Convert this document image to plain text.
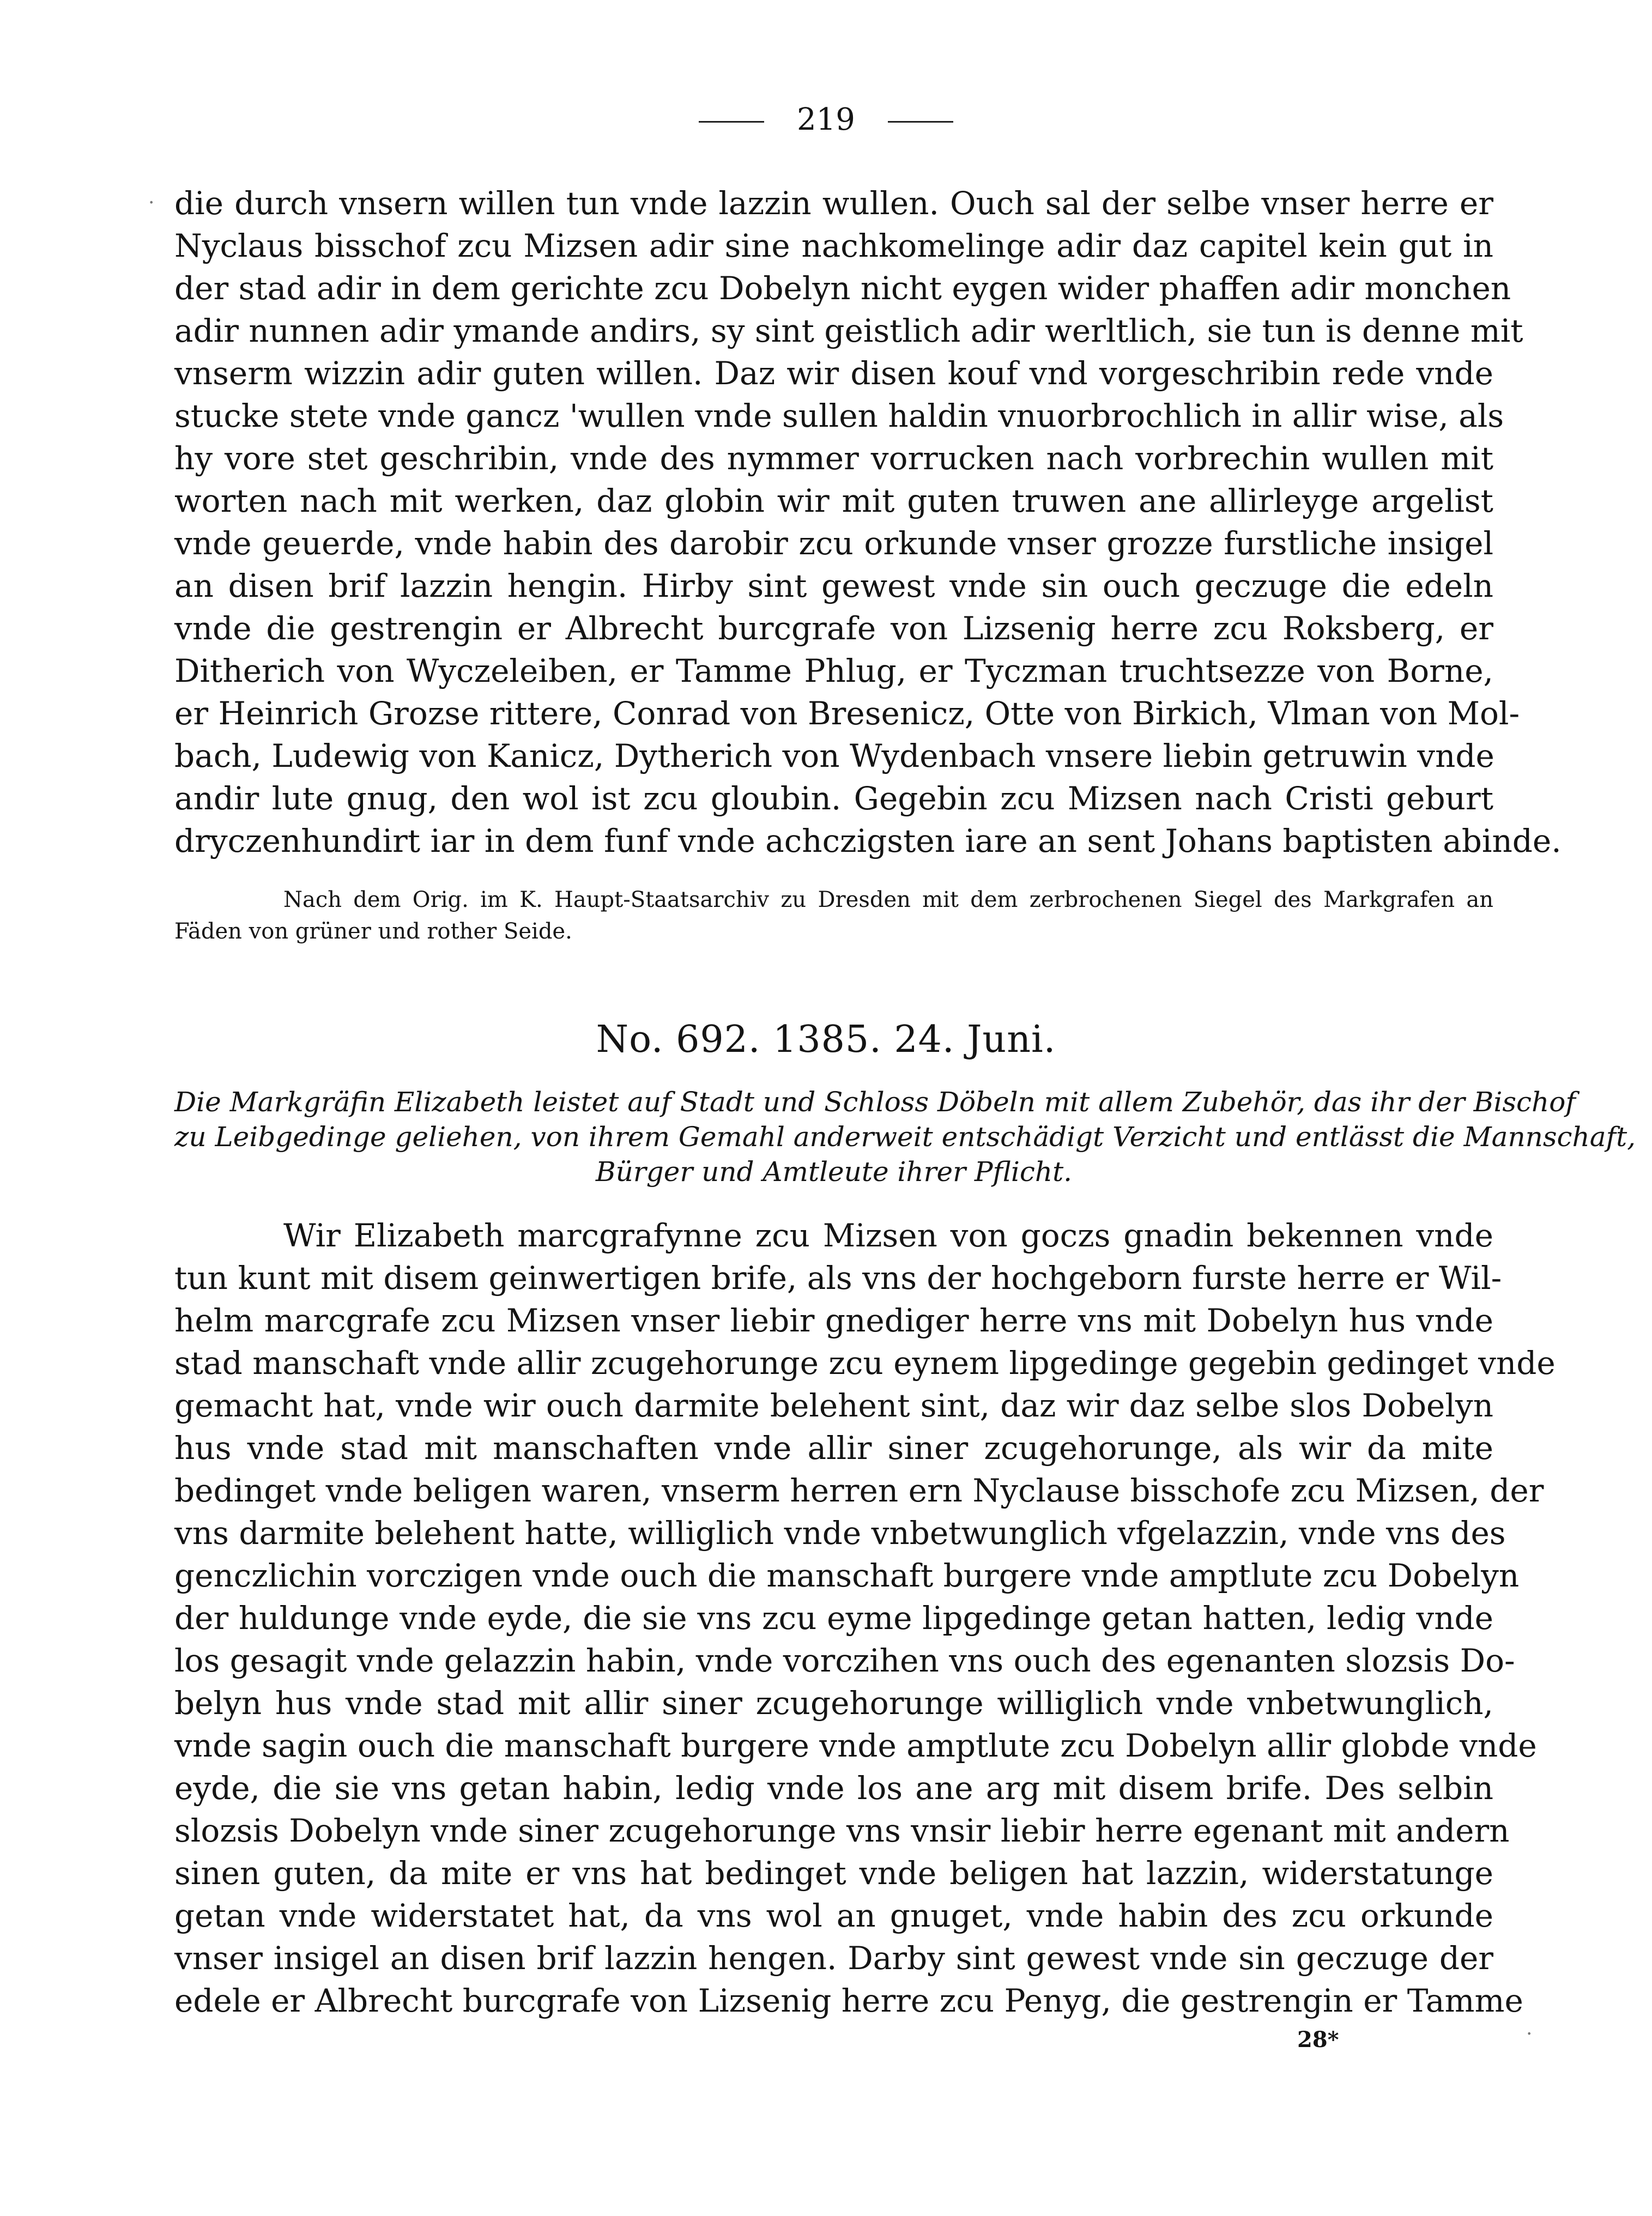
219
· die durch vnsern willen tun vnde lazzin wullen. Ouch sal der selbe vnser herre er
Nyclaus bisschof zcu Mizsen adir sine nachkomelinge adir daz capitel kein gut in
der stad adir in dem gerichte zcu Dobelyn nicht eygen wider phaffen adir monchen
adir nunnen adir ymande andirs, sy sint geistlich adir werltlich, sie tun is denne mit
vnserm wizzin adir guten willen. Daz wir disen kouf vnd vorgeschribin rede vnde
stucke stete vnde gancz 'wullen vnde sullen haldin vnuorbrochlich in allir wise, als
hy vore stet geschribin, vnde des nymmer vorrucken nach vorbrechin wullen mit
worten nach mit werken, daz globin wir mit guten truwen ane allirleyge argelist
vnde geuerde, vnde habin des darobir zcu orkunde vnser grozze furstliche insigel
an disen brif lazzin hengin. Hirby sint gewest vnde sin ouch geczuge die edeln
vnde die gestrengin er Albrecht burcgrafe von Lizsenig herre zcu Roksberg, er
Ditherich von Wyczeleiben, er Tamme Phlug, er Tyczman truchtsezze von Borne,
er Heinrich Grozse rittere, Conrad von Bresenicz, Otte von Birkich, Vlman von Mol-
bach, Ludewig von Kanicz, Dytherich von Wydenbach vnsere liebin getruwin vnde
andir lute gnug, den wol ist zcu gloubin. Gegebin zcu Mizsen nach Cristi geburt
dryczenhundirt iar in dem funf vnde achczigsten iare an sent Johans baptisten abinde.
Nach dem Orig. im K. Haupt-Staatsarchiv zu Dresden mit dem zerbrochenen Siegel des Markgrafen an
Fäden von grüner und rother Seide.
No. 692. 1385. 24. Juni.
Die Markgräfin Elizabeth leistet auf Stadt und Schloss Döbeln mit allem Zubehör, das ihr der Bischof
zu Leibgedinge geliehen, von ihrem Gemahl anderweit entschädigt Verzicht und entlässt die Mannschaft,
Bürger und Amtleute ihrer Pflicht.
Wir Elizabeth marcgrafynne zcu Mizsen von goczs gnadin bekennen vnde
tun kunt mit disem geinwertigen brife, als vns der hochgeborn furste herre er Wil-
helm marcgrafe zcu Mizsen vnser liebir gnediger herre vns mit Dobelyn hus vnde
stad manschaft vnde allir zcugehorunge zcu eynem lipgedinge gegebin gedinget vnde
gemacht hat, vnde wir ouch darmite belehent sint, daz wir daz selbe slos Dobelyn
hus vnde stad mit manschaften vnde allir siner zcugehorunge, als wir da mite
bedinget vnde beligen waren, vnserm herren ern Nyclause bisschofe zcu Mizsen, der
vns darmite belehent hatte, williglich vnde vnbetwunglich vfgelazzin, vnde vns des
genczlichin vorczigen vnde ouch die manschaft burgere vnde amptlute zcu Dobelyn
der huldunge vnde eyde, die sie vns zcu eyme lipgedinge getan hatten, ledig vnde
los gesagit vnde gelazzin habin, vnde vorczihen vns ouch des egenanten slozsis Do-
belyn hus vnde stad mit allir siner zcugehorunge williglich vnde vnbetwunglich,
vnde sagin ouch die manschaft burgere vnde amptlute zcu Dobelyn allir globde vnde
eyde, die sie vns getan habin, ledig vnde los ane arg mit disem brife. Des selbin
slozsis Dobelyn vnde siner zcugehorunge vns vnsir liebir herre egenant mit andern
sinen guten, da mite er vns hat bedinget vnde beligen hat lazzin, widerstatunge
getan vnde widerstatet hat, da vns wol an gnuget, vnde habin des zcu orkunde
vnser insigel an disen brif lazzin hengen. Darby sint gewest vnde sin geczuge der
edele er Albrecht burcgrafe von Lizsenig herre zcu Penyg, die gestrengin er Tamme
·
28*
